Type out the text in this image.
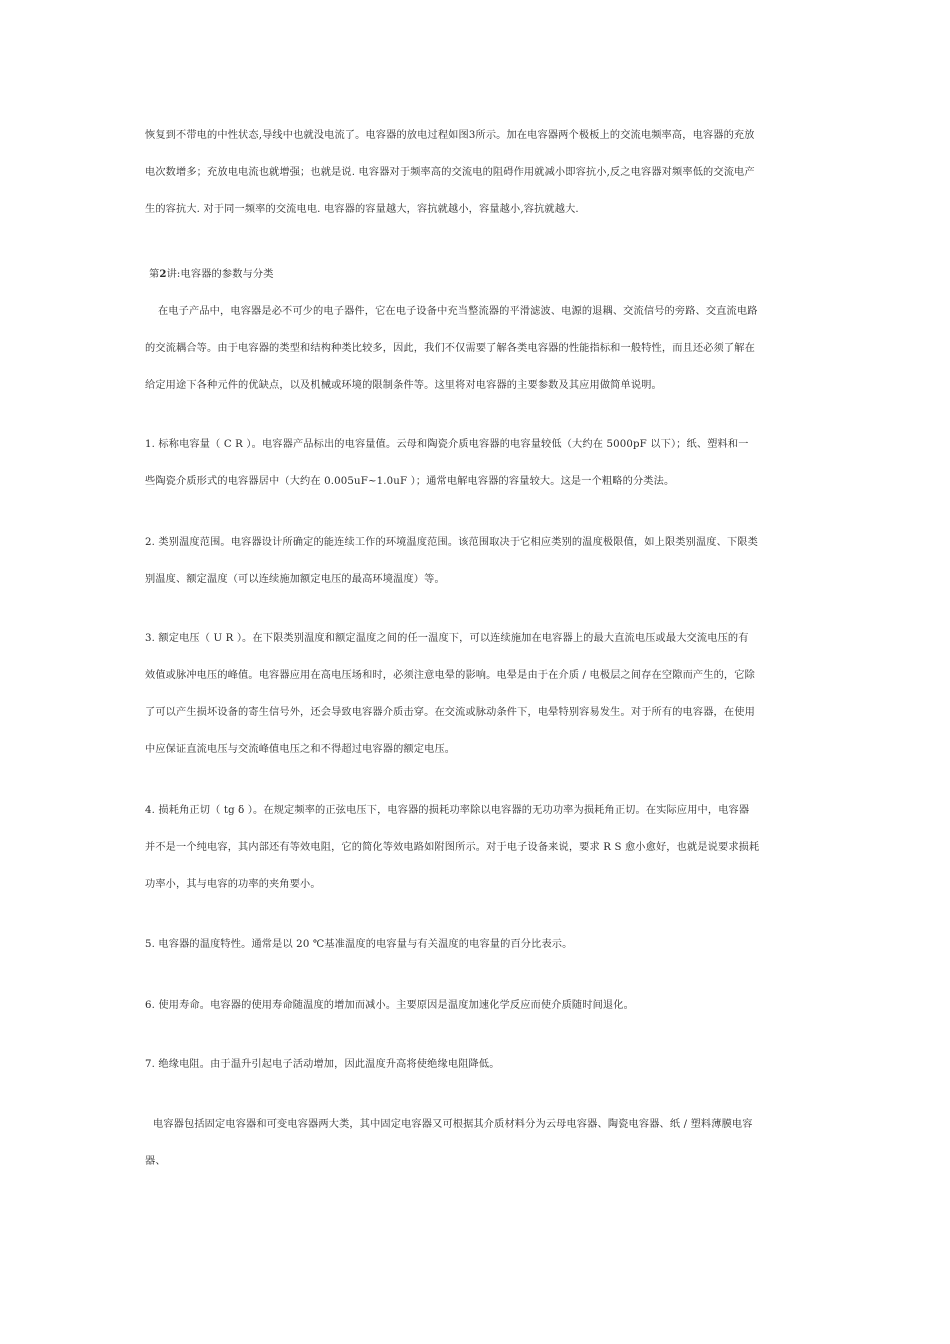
恢复到不带电的中性状态,导线中也就没电流了。电容器的放电过程如图3所示。加在电容器两个极板上的交流电频率高，电容器的充放
电次数增多；充放电电流也就增强；也就是说. 电容器对于频率高的交流电的阻碍作用就减小即容抗小,反之电容器对频率低的交流电产
生的容抗大. 对于同一频率的交流电电. 电容器的容量越大，容抗就越小，容量越小,容抗就越大.
第2讲:电容器的参数与分类
在电子产品中，电容器是必不可少的电子器件，它在电子设备中充当整流器的平滑滤波、电源的退耦、交流信号的旁路、交直流电路
的交流耦合等。由于电容器的类型和结构种类比较多，因此，我们不仅需要了解各类电容器的性能指标和一般特性，而且还必须了解在
给定用途下各种元件的优缺点，以及机械或环境的限制条件等。这里将对电容器的主要参数及其应用做简单说明。
1. 标称电容量（ C R ）。电容器产品标出的电容量值。云母和陶瓷介质电容器的电容量较低（大约在 5000pF 以下）；纸、塑料和一
些陶瓷介质形式的电容器居中（大约在 0.005uF~1.0uF ）；通常电解电容器的容量较大。这是一个粗略的分类法。
2. 类别温度范围。电容器设计所确定的能连续工作的环境温度范围。该范围取决于它相应类别的温度极限值，如上限类别温度、下限类
别温度、额定温度（可以连续施加额定电压的最高环境温度）等。
3. 额定电压（ U R ）。在下限类别温度和额定温度之间的任一温度下，可以连续施加在电容器上的最大直流电压或最大交流电压的有
效值或脉冲电压的峰值。电容器应用在高电压场和时，必须注意电晕的影响。电晕是由于在介质 / 电极层之间存在空隙而产生的，它除
了可以产生损坏设备的寄生信号外，还会导致电容器介质击穿。在交流或脉动条件下，电晕特别容易发生。对于所有的电容器，在使用
中应保证直流电压与交流峰值电压之和不得超过电容器的额定电压。
4. 损耗角正切（ tg δ ）。在规定频率的正弦电压下，电容器的损耗功率除以电容器的无功功率为损耗角正切。在实际应用中，电容器
并不是一个纯电容，其内部还有等效电阻，它的简化等效电路如附图所示。对于电子设备来说，要求 R S 愈小愈好，也就是说要求损耗
功率小，其与电容的功率的夹角要小。
5. 电容器的温度特性。通常是以 20 ℃基准温度的电容量与有关温度的电容量的百分比表示。
6. 使用寿命。电容器的使用寿命随温度的增加而减小。主要原因是温度加速化学反应而使介质随时间退化。
7. 绝缘电阻。由于温升引起电子活动增加，因此温度升高将使绝缘电阻降低。
电容器包括固定电容器和可变电容器两大类，其中固定电容器又可根据其介质材料分为云母电容器、陶瓷电容器、纸 / 塑料薄膜电容
器、
